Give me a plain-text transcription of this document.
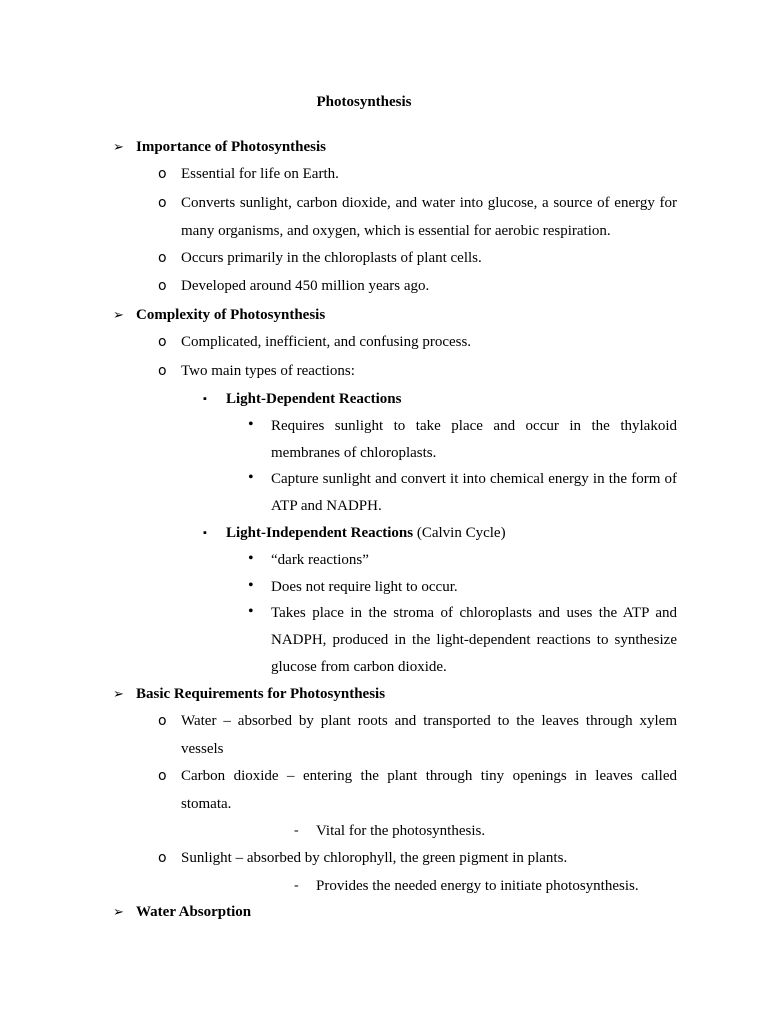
Photosynthesis
➢ Importance of Photosynthesis
o Essential for life on Earth.
o Converts sunlight, carbon dioxide, and water into glucose, a source of energy for
many organisms, and oxygen, which is essential for aerobic respiration.
o Occurs primarily in the chloroplasts of plant cells.
o Developed around 450 million years ago.
➢ Complexity of Photosynthesis
o Complicated, inefficient, and confusing process.
o Two main types of reactions:
▪ Light-Dependent Reactions
• Requires sunlight to take place and occur in the thylakoid
membranes of chloroplasts.
• Capture sunlight and convert it into chemical energy in the form of
ATP and NADPH.
▪ Light-Independent Reactions (Calvin Cycle)
• “dark reactions”
• Does not require light to occur.
• Takes place in the stroma of chloroplasts and uses the ATP and
NADPH, produced in the light-dependent reactions to synthesize
glucose from carbon dioxide.
➢ Basic Requirements for Photosynthesis
o Water – absorbed by plant roots and transported to the leaves through xylem
vessels
o Carbon dioxide – entering the plant through tiny openings in leaves called
stomata.
- Vital for the photosynthesis.
o Sunlight – absorbed by chlorophyll, the green pigment in plants.
- Provides the needed energy to initiate photosynthesis.
➢ Water Absorption
